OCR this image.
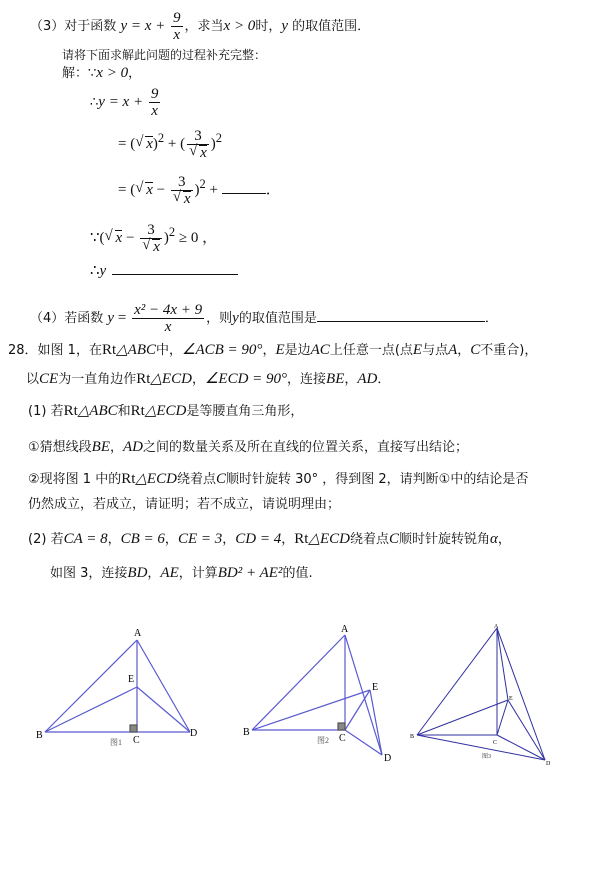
（3）对于函数 $y = x + \frac{9}{x}$ ，求当x > 0时，y 的取值范围．
请将下面求解此问题的过程补充完整：
解：∵x > 0，
∴y = $x + \frac{9}{x}$
= ( √ x)$^2$ + ( 3
√ x )$^2$
= ( √ x − 3
√ x )$^2$ +	．
∵( √ x − 3
√ x )$^2$ ≥ 0 ，
∴y
（4）若函数 $y = \frac{\text{x² − 4x + 9}}{x}$ ，则y的取值范围是	．
28．如图 1，在Rt△ABC中，∠ACB = 90°，E是边AC上任意一点(点E与点A，C不重合)，
以CE为一直角边作Rt△ECD，∠ECD = 90°，连接BE，AD．
(1) 若Rt△ABC和Rt△ECD是等腰直角三角形，
①猜想线段BE，AD之间的数量关系及所在直线的位置关系，直接写出结论；
②现将图 1 中的Rt△ECD绕着点C顺时针旋转 30° ，得到图 2，请判断①中的结论是否
仍然成立，若成立，请证明；若不成立，请说明理由；
(2) 若CA = 8，CB = 6，CE = 3，CD = 4，Rt△ECD绕着点C顺时针旋转锐角α，
如图 3，连接BD，AE，计算BD² + AE²的值.
A
E
B	C
D
图1
A
E
B
C
D
图2
A
E
B
C
D
图3
